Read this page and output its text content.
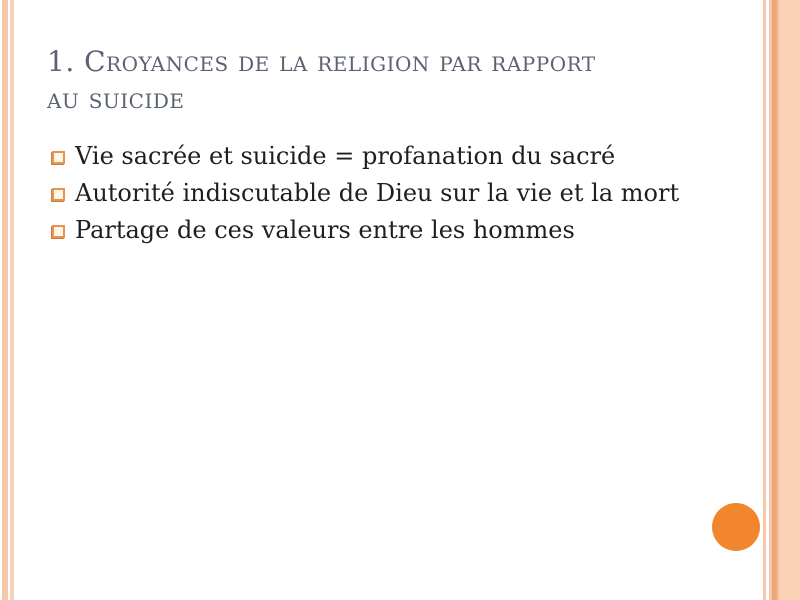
1. Croyances de la religion par rapport au suicide
Vie sacrée et suicide = profanation du sacré
Autorité indiscutable de Dieu sur la vie et la mort
Partage de ces valeurs entre les hommes
